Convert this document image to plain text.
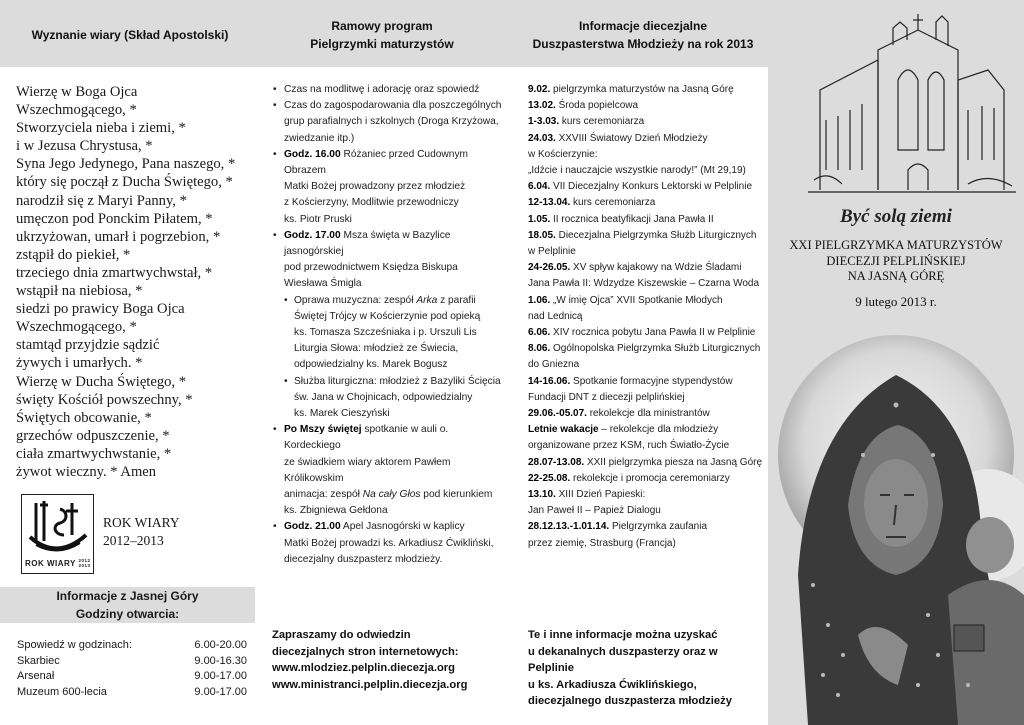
Wyznanie wiary (Skład Apostolski)
Ramowy program
Pielgrzymki maturzystów
Informacje diecezjalne
Duszpasterstwa Młodzieży na rok 2013
Wierzę w Boga Ojca
Wszechmogącego, *
Stworzyciela nieba i ziemi, *
i w Jezusa Chrystusa, *
Syna Jego Jedynego, Pana naszego, *
który się począł z Ducha Świętego, *
narodził się z Maryi Panny, *
umęczon pod Ponckim Piłatem, *
ukrzyżowan, umarł i pogrzebion, *
zstąpił do piekieł, *
trzeciego dnia zmartwychwstał, *
wstąpił na niebiosa, *
siedzi po prawicy Boga Ojca
Wszechmogącego, *
stamtąd przyjdzie sądzić
żywych i umarłych. *
Wierzę w Ducha Świętego, *
święty Kościół powszechny, *
Świętych obcowanie, *
grzechów odpuszczenie, *
ciała zmartwychwstanie, *
żywot wieczny. * Amen
ROK WIARY 2012
2013
ROK WIARY
2012–2013
Informacje z Jasnej Góry
Godziny otwarcia:
Spowiedź w godzinach:	6.00-20.00
Skarbiec	9.00-16.30
Arsenał	9.00-17.00
Muzeum 600-lecia	9.00-17.00
• Czas na modlitwę i adorację oraz spowiedź
• Czas do zagospodarowania dla poszczególnych
grup parafialnych i szkolnych (Droga Krzyżowa,
zwiedzanie itp.)
• Godz. 16.00 Różaniec przed Cudownym Obrazem
Matki Bożej prowadzony przez młodzież
z Kościerzyny, Modlitwie przewodniczy
ks. Piotr Pruski
• Godz. 17.00 Msza święta w Bazylice jasnogórskiej
pod przewodnictwem Księdza Biskupa
Wiesława Śmigla
• Oprawa muzyczna: zespół Arka z parafii
Świętej Trójcy w Kościerzynie pod opieką
ks. Tomasza Szcześniaka i p. Urszuli Lis
Liturgia Słowa: młodzież ze Świecia,
odpowiedzialny ks. Marek Bogusz
• Służba liturgiczna: młodzież z Bazyliki Ścięcia
św. Jana w Chojnicach, odpowiedzialny
ks. Marek Cieszyński
• Po Mszy świętej spotkanie w auli o. Kordeckiego
ze świadkiem wiary aktorem Pawłem Królikowskim
animacja: zespół Na cały Głos pod kierunkiem
ks. Zbigniewa Gełdona
• Godz. 21.00 Apel Jasnogórski w kaplicy
Matki Bożej prowadzi ks. Arkadiusz Ćwikliński,
diecezjalny duszpasterz młodzieży.
Zapraszamy do odwiedzin
diecezjalnych stron internetowych:
www.mlodziez.pelplin.diecezja.org
www.ministranci.pelplin.diecezja.org
9.02. pielgrzymka maturzystów na Jasną Górę
13.02. Środa popielcowa
1-3.03. kurs ceremoniarza
24.03. XXVIII Światowy Dzień Młodzieży
w Kościerzynie:
„Idźcie i nauczajcie wszystkie narody!” (Mt 29,19)
6.04. VII Diecezjalny Konkurs Lektorski w Pelplinie
12-13.04. kurs ceremoniarza
1.05. II rocznica beatyfikacji Jana Pawła II
18.05. Diecezjalna Pielgrzymka Służb Liturgicznych
w Pelplinie
24-26.05. XV spływ kajakowy na Wdzie Śladami
Jana Pawła II: Wdzydze Kiszewskie – Czarna Woda
1.06. „W imię Ojca” XVII Spotkanie Młodych
nad Lednicą
6.06. XIV rocznica pobytu Jana Pawła II w Pelplinie
8.06. Ogólnopolska Pielgrzymka Służb Liturgicznych
do Gniezna
14-16.06. Spotkanie formacyjne stypendystów
Fundacji DNT z diecezji pelplińskiej
29.06.-05.07. rekolekcje dla ministrantów
Letnie wakacje – rekolekcje dla młodzieży
organizowane przez KSM, ruch Światło-Życie
28.07-13.08. XXII pielgrzymka piesza na Jasną Górę
22-25.08. rekolekcje i promocja ceremoniarzy
13.10. XIII Dzień Papieski:
Jan Paweł II – Papież Dialogu
28.12.13.-1.01.14. Pielgrzymka zaufania
przez ziemię, Strasburg (Francja)
Te i inne informacje można uzyskać
u dekanalnych duszpasterzy oraz w Pelplinie
u ks. Arkadiusza Ćwiklińskiego,
diecezjalnego duszpasterza młodzieży
Być solą ziemi
XXI PIELGRZYMKA MATURZYSTÓW
DIECEZJI PELPLIŃSKIEJ
NA JASNĄ GÓRĘ
9 lutego 2013 r.
